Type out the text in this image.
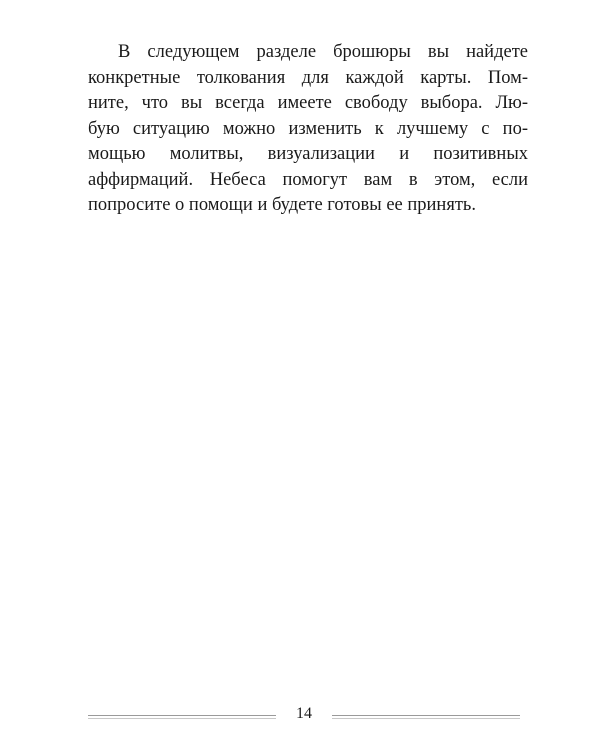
В следующем разделе брошюры вы найдете
конкретные толкования для каждой карты. Пом-
ните, что вы всегда имеете свободу выбора. Лю-
бую ситуацию можно изменить к лучшему с по-
мощью молитвы, визуализации и позитивных
аффирмаций. Небеса помогут вам в этом, если
попросите о помощи и будете готовы ее принять.
14
